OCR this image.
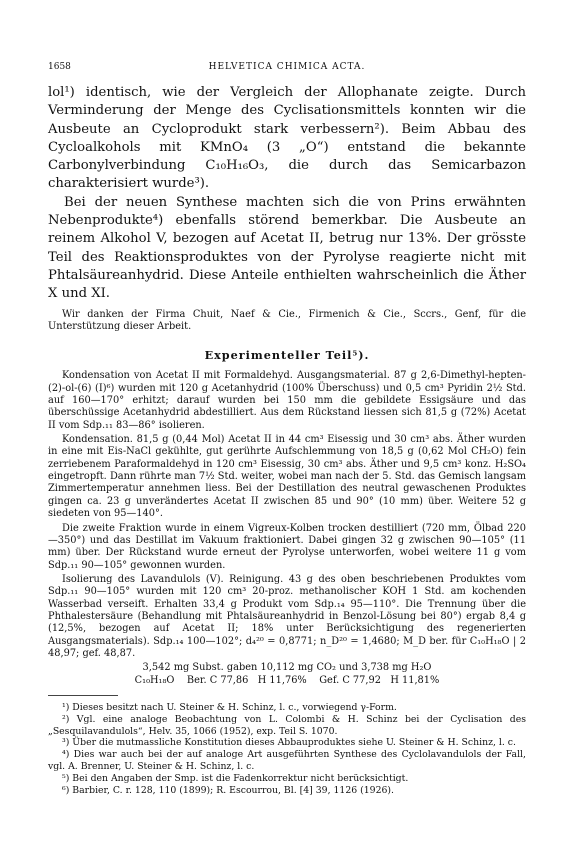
1658	HELVETICA CHIMICA ACTA.

lol¹) identisch, wie der Vergleich der Allophanate zeigte. Durch Verminderung der Menge des Cyclisationsmittels konnten wir die Ausbeute an Cycloprodukt stark verbessern²). Beim Abbau des Cycloalkohols mit KMnO₄ (3 „O“) entstand die bekannte Carbonylverbindung C₁₀H₁₆O₃, die durch das Semicarbazon charakterisiert wurde³).

Bei der neuen Synthese machten sich die von Prins erwähnten Nebenprodukte⁴) ebenfalls störend bemerkbar. Die Ausbeute an reinem Alkohol V, bezogen auf Acetat II, betrug nur 13%. Der grösste Teil des Reaktionsproduktes von der Pyrolyse reagierte nicht mit Phtalsäureanhydrid. Diese Anteile enthielten wahrscheinlich die Äther X und XI.

Wir danken der Firma Chuit, Naef & Cie., Firmenich & Cie., Sccrs., Genf, für die Unterstützung dieser Arbeit.

Experimenteller Teil⁵).

Kondensation von Acetat II mit Formaldehyd. Ausgangsmaterial. 87 g 2,6-Dimethyl-hepten-(2)-ol-(6) (I)⁶) wurden mit 120 g Acetanhydrid (100% Überschuss) und 0,5 cm³ Pyridin 2½ Std. auf 160—170° erhitzt; darauf wurden bei 150 mm die gebildete Essigsäure und das überschüssige Acetanhydrid abdestilliert. Aus dem Rückstand liessen sich 81,5 g (72%) Acetat II vom Sdp.₁₁ 83—86° isolieren.

Kondensation. 81,5 g (0,44 Mol) Acetat II in 44 cm³ Eisessig und 30 cm³ abs. Äther wurden in eine mit Eis-NaCl gekühlte, gut gerührte Aufschlemmung von 18,5 g (0,62 Mol CH₂O) fein zerriebenem Paraformaldehyd in 120 cm³ Eisessig, 30 cm³ abs. Äther und 9,5 cm³ konz. H₂SO₄ eingetropft. Dann rührte man 7½ Std. weiter, wobei man nach der 5. Std. das Gemisch langsam Zimmertemperatur annehmen liess. Bei der Destillation des neutral gewaschenen Produktes gingen ca. 23 g unverändertes Acetat II zwischen 85 und 90° (10 mm) über. Weitere 52 g siedeten von 95—140°.

Die zweite Fraktion wurde in einem Vigreux-Kolben trocken destilliert (720 mm, Ölbad 220—350°) und das Destillat im Vakuum fraktioniert. Dabei gingen 32 g zwischen 90—105° (11 mm) über. Der Rückstand wurde erneut der Pyrolyse unterworfen, wobei weitere 11 g vom Sdp.₁₁ 90—105° gewonnen wurden.

Isolierung des Lavandulols (V). Reinigung. 43 g des oben beschriebenen Produktes vom Sdp.₁₁ 90—105° wurden mit 120 cm³ 20-proz. methanolischer KOH 1 Std. am kochenden Wasserbad verseift. Erhalten 33,4 g Produkt vom Sdp.₁₄ 95—110°. Die Trennung über die Phthalestersäure (Behandlung mit Phtalsäureanhydrid in Benzol-Lösung bei 80°) ergab 8,4 g (12,5%, bezogen auf Acetat II; 18% unter Berücksichtigung des regenerierten Ausgangsmaterials). Sdp.₁₄ 100—102°; d₄²⁰ = 0,8771; n_D²⁰ = 1,4680; M_D ber. für C₁₀H₁₈O | 2 48,97; gef. 48,87.

3,542 mg Subst. gaben 10,112 mg CO₂ und 3,738 mg H₂O
C₁₀H₁₈O    Ber. C 77,86   H 11,76%    Gef. C 77,92   H 11,81%

¹) Dieses besitzt nach U. Steiner & H. Schinz, l. c., vorwiegend γ-Form.

²) Vgl. eine analoge Beobachtung von L. Colombi & H. Schinz bei der Cyclisation des „Sesquilavandulols“, Helv. 35, 1066 (1952), exp. Teil S. 1070.

³) Über die mutmassliche Konstitution dieses Abbauproduktes siehe U. Steiner & H. Schinz, l. c.

⁴) Dies war auch bei der auf analoge Art ausgeführten Synthese des Cyclolavandulols der Fall, vgl. A. Brenner, U. Steiner & H. Schinz, l. c.

⁵) Bei den Angaben der Smp. ist die Fadenkorrektur nicht berücksichtigt.

⁶) Barbier, C. r. 128, 110 (1899); R. Escourrou, Bl. [4] 39, 1126 (1926).
